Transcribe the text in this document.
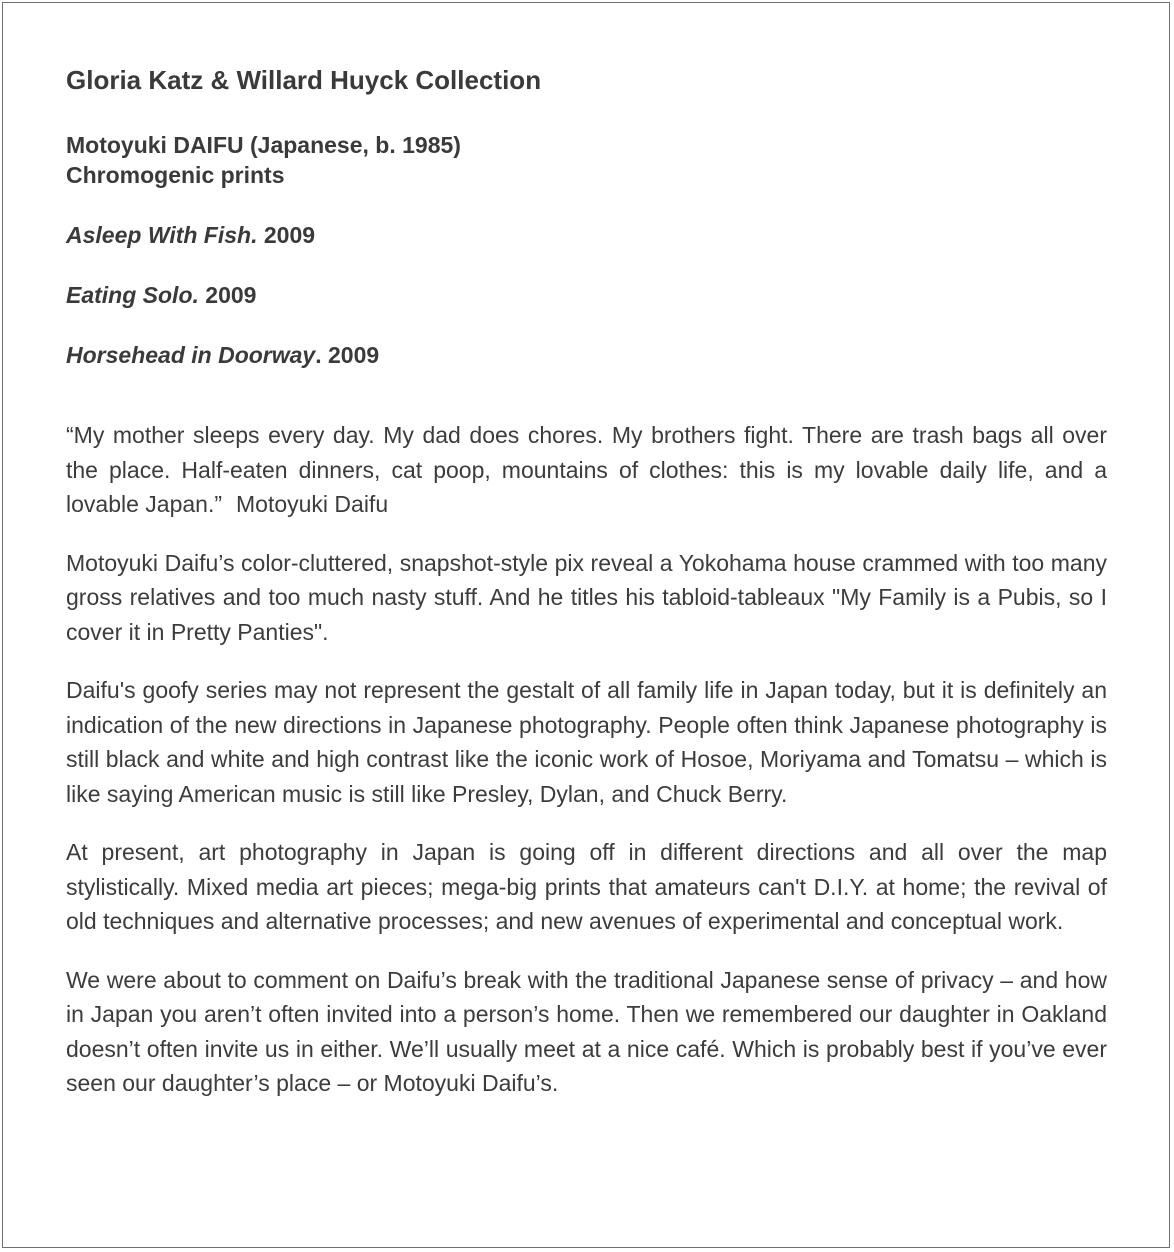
Gloria Katz & Willard Huyck Collection
Motoyuki DAIFU (Japanese, b. 1985)
Chromogenic prints
Asleep With Fish. 2009
Eating Solo. 2009
Horsehead in Doorway. 2009

“My mother sleeps every day. My dad does chores. My brothers fight. There are trash bags all over the place. Half-eaten dinners, cat poop, mountains of clothes: this is my lovable daily life, and a lovable Japan.” Motoyuki Daifu

Motoyuki Daifu’s color-cluttered, snapshot-style pix reveal a Yokohama house crammed with too many gross relatives and too much nasty stuff. And he titles his tabloid-tableaux "My Family is a Pubis, so I cover it in Pretty Panties".

Daifu's goofy series may not represent the gestalt of all family life in Japan today, but it is definitely an indication of the new directions in Japanese photography. People often think Japanese photography is still black and white and high contrast like the iconic work of Hosoe, Moriyama and Tomatsu – which is like saying American music is still like Presley, Dylan, and Chuck Berry.

At present, art photography in Japan is going off in different directions and all over the map stylistically. Mixed media art pieces; mega-big prints that amateurs can't D.I.Y. at home; the revival of old techniques and alternative processes; and new avenues of experimental and conceptual work.

We were about to comment on Daifu’s break with the traditional Japanese sense of privacy – and how in Japan you aren’t often invited into a person’s home. Then we remembered our daughter in Oakland doesn’t often invite us in either. We’ll usually meet at a nice café. Which is probably best if you’ve ever seen our daughter’s place – or Motoyuki Daifu’s.
